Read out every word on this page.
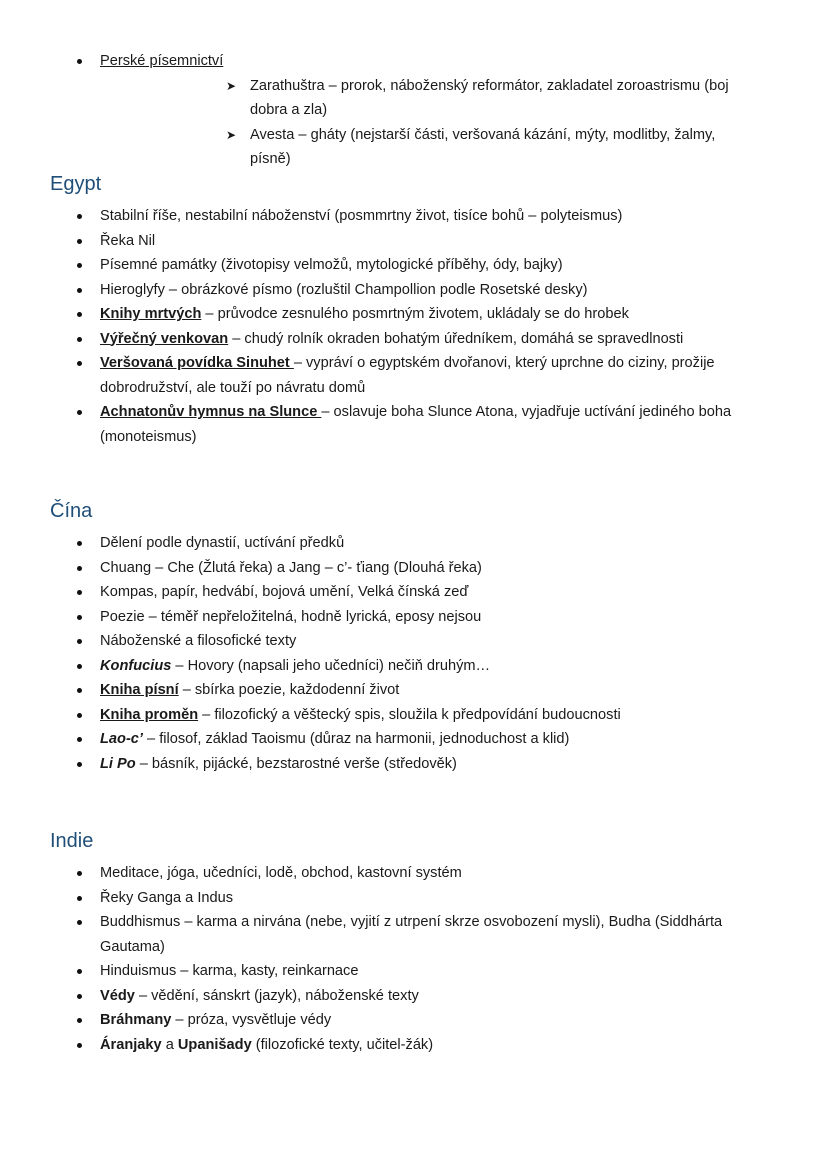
Perské písemnictví
➤ Zarathuštra – prorok, náboženský reformátor, zakladatel zoroastrismu (boj dobra a zla)
➤ Avesta – gháty (nejstarší části, veršovaná kázání, mýty, modlitby, žalmy, písně)
Egypt
Stabilní říše, nestabilní náboženství (posmmrtny život, tisíce bohů – polyteismus)
Řeka Nil
Písemné památky (životopisy velmožů, mytologické příběhy, ódy, bajky)
Hieroglyfy – obrázkové písmo (rozluštil Champollion podle Rosetské desky)
Knihy mrtvých – průvodce zesnulého posmrtným životem, ukládaly se do hrobek
Výřečný venkovan – chudý rolník okraden bohatým úředníkem, domáhá se spravedlnosti
Veršovaná povídka Sinuhet – vypráví o egyptském dvořanovi, který uprchne do ciziny, prožije dobrodružství, ale touží po návratu domů
Achnatonův hymnus na Slunce – oslavuje boha Slunce Atona, vyjadřuje uctívání jediného boha (monoteismus)
Čína
Dělení podle dynastií, uctívání předků
Chuang – Che (Žlutá řeka) a Jang – c’- ťiang (Dlouhá řeka)
Kompas, papír, hedvábí, bojová umění, Velká čínská zeď
Poezie – téměř nepřeložitelná, hodně lyrická, eposy nejsou
Náboženské a filosofické texty
Konfucius – Hovory (napsali jeho učedníci) nečiň druhým…
Kniha písní – sbírka poezie, každodenní život
Kniha proměn – filozofický a věštecký spis, sloužila k předpovídání budoucnosti
Lao-c’ – filosof, základ Taoismu (důraz na harmonii, jednoduchost a klid)
Li Po – básník, pijácké, bezstarostné verše (středověk)
Indie
Meditace, jóga, učedníci, lodě, obchod, kastovní systém
Řeky Ganga a Indus
Buddhismus – karma a nirvána (nebe, vyjití z utrpení skrze osvobození mysli), Budha (Siddhárta Gautama)
Hinduismus – karma, kasty, reinkarnace
Védy – vědění, sánskrt (jazyk), náboženské texty
Bráhmany – próza, vysvětluje védy
Áranjaky a Upanišady (filozofické texty, učitel-žák)
